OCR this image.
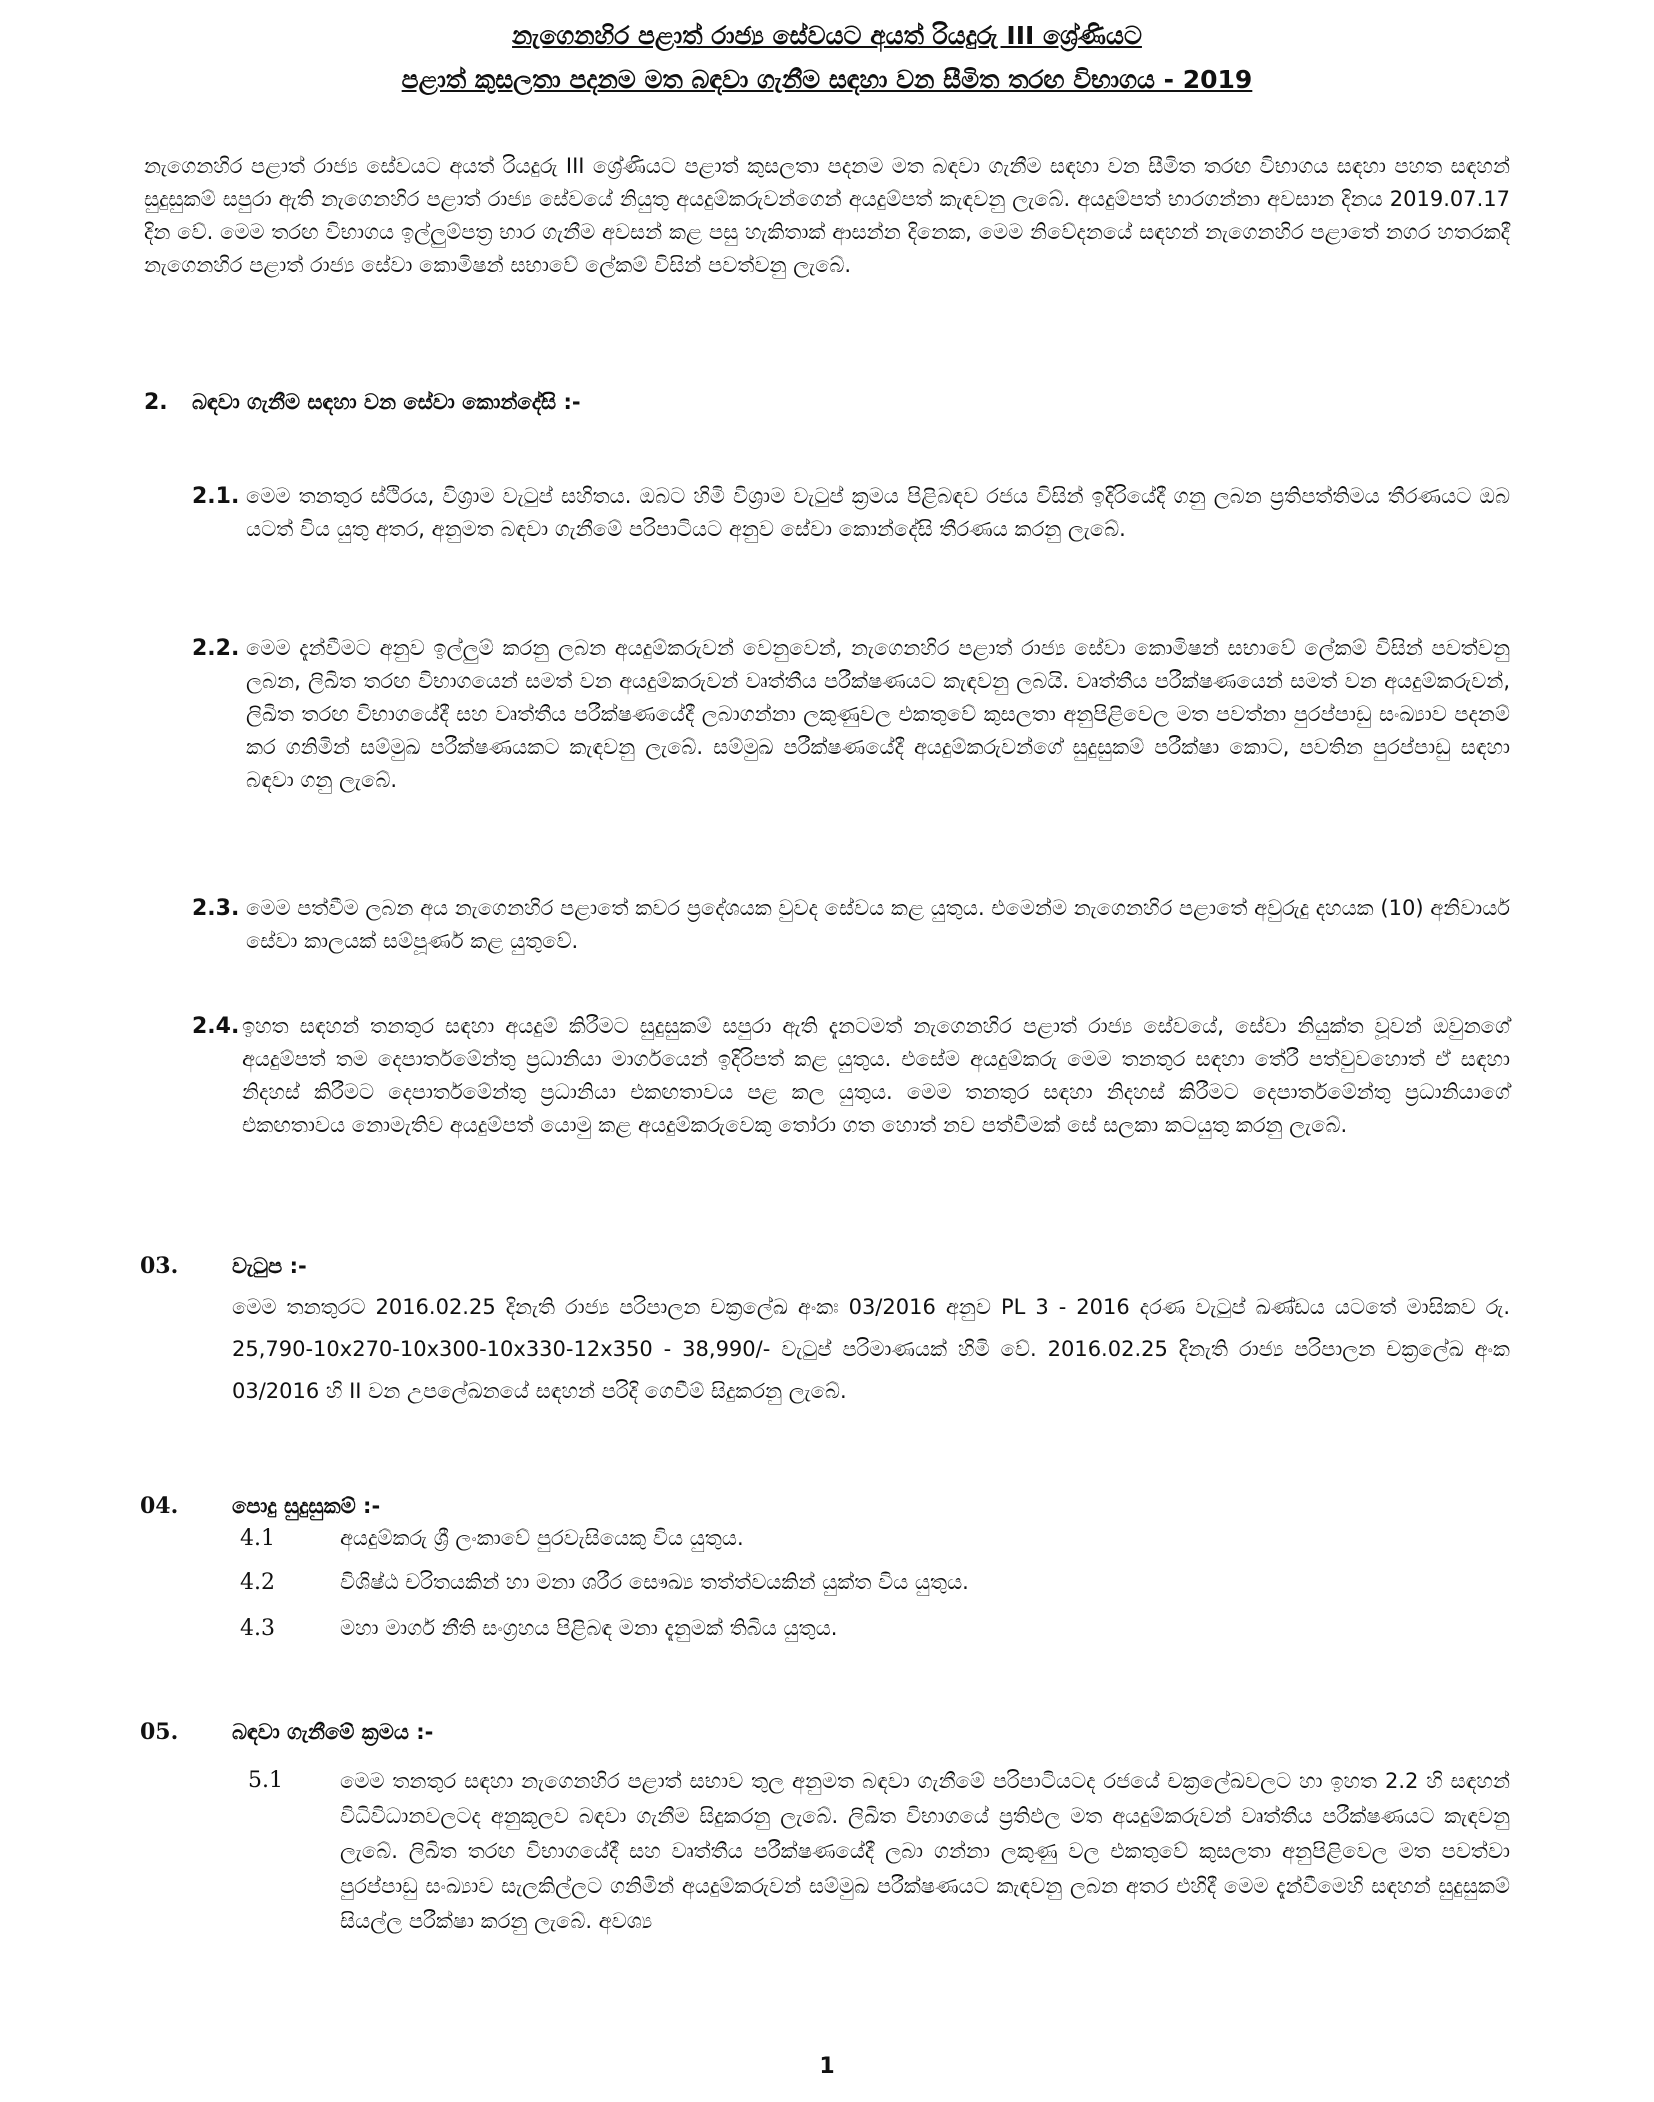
නැගෙනහිර පළාත් රාජ්‍ය සේවයට අයත් රියදුරු III ශ්‍රේණියට
පළාත් කුසලතා පදනම මත බඳවා ගැනීම සඳහා වන සීමිත තරඟ විභාගය - 2019
නැගෙනහිර පළාත් රාජ්‍ය සේවයට අයත් රියදුරු III ශ්‍රේණියට පළාත් කුසලතා පදනම මත බඳවා ගැනීම සඳහා වන සීමිත තරඟ විභාගය සඳහා පහත සඳහන් සුදුසුකම් සපුරා ඇති නැගෙනහිර පළාත් රාජ්‍ය සේවයේ නියුතු අයදුම්කරුවන්ගෙන් අයදුම්පත් කැඳවනු ලැබේ. අයදුම්පත් භාරගන්නා අවසාන දිනය 2019.07.17 දින වේ. මෙම තරඟ විභාගය ඉල්ලුම්පත්‍ර භාර ගැනීම අවසන් කළ පසු හැකිතාක් ආසන්න දිනෙක, මෙම නිවේදනයේ සඳහන් නැගෙනහිර පළාතේ නගර හතරකදී නැගෙනහිර පළාත් රාජ්‍ය සේවා කොමිෂන් සභාවේ ලේකම් විසින් පවත්වනු ලැබේ.
2. බඳවා ගැනීම සඳහා වන සේවා කොන්දේසි :-
2.1. මෙම තනතුර ස්ථිරය, විශ්‍රාම වැටුප් සහිතය. ඔබට හිමි විශ්‍රාම වැටුප් ක්‍රමය පිළිබඳව රජය විසින් ඉදිරියේදී ගනු ලබන ප්‍රතිපත්තිමය තීරණයට ඔබ යටත් විය යුතු අතර, අනුමත බඳවා ගැනීමේ පරිපාටියට අනුව සේවා කොන්දේසි තීරණය කරනු ලැබේ.
2.2. මෙම දැන්වීමට අනුව ඉල්ලුම් කරනු ලබන අයදුම්කරුවන් වෙනුවෙන්, නැගෙනහිර පළාත් රාජ්‍ය සේවා කොමිෂන් සභාවේ ලේකම් විසින් පවත්වනු ලබන, ලිඛිත තරඟ විභාගයෙන් සමත් වන අයදුම්කරුවන් වෘත්තීය පරීක්ෂණයට කැඳවනු ලබයි. වෘත්තීය පරීක්ෂණයෙන් සමත් වන අයදුම්කරුවන්, ලිඛිත තරඟ විභාගයේදී සහ වෘත්තීය පරීක්ෂණයේදී ලබාගන්නා ලකුණුවල එකතුවේ කුසලතා අනුපිළිවෙල මත පවත්නා පුරප්පාඩු සංඛ්‍යාව පදනම් කර ගනිමින් සම්මුඛ පරීක්ෂණයකට කැඳවනු ලැබේ. සම්මුඛ පරීක්ෂණයේදී අයදුම්කරුවන්ගේ සුදුසුකම් පරීක්ෂා කොට, පවතින පුරප්පාඩු සඳහා බඳවා ගනු ලැබේ.
2.3. මෙම පත්වීම ලබන අය නැගෙනහිර පළාතේ කවර ප්‍රදේශයක වුවද සේවය කළ යුතුය. එමෙන්ම නැගෙනහිර පළාතේ අවුරුදු දහයක (10) අනිවාර්ය සේවා කාලයක් සම්පූර්ණ කළ යුතුවේ.
2.4. ඉහත සඳහන් තනතුර සඳහා අයදුම් කිරීමට සුදුසුකම් සපුරා ඇති දැනටමත් නැගෙනහිර පළාත් රාජ්‍ය සේවයේ, සේවා නියුක්ත වූවන් ඔවුනගේ අයදුම්පත් තම දෙපාර්තමේන්තු ප්‍රධානියා මාර්ගයෙන් ඉදිරිපත් කළ යුතුය. එසේම අයදුම්කරු මෙම තනතුර සඳහා තේරී පත්වුවහොත් ඒ සඳහා නිදහස් කිරීමට දෙපාර්තමේන්තු ප්‍රධානියා එකඟතාවය පළ කල යුතුය. මෙම තනතුර සඳහා නිදහස් කිරීමට දෙපාර්තමේන්තු ප්‍රධානියාගේ එකඟතාවය නොමැතිව අයදුම්පත් යොමු කළ අයදුම්කරුවෙකු තෝරා ගත හොත් නව පත්වීමක් සේ සලකා කටයුතු කරනු ලැබේ.
03.	වැටුප :-
මෙම තනතුරට 2016.02.25 දිනැති රාජ්‍ය පරිපාලන චක්‍රලේඛ අංකඃ 03/2016 අනුව PL 3 - 2016 දරණ වැටුප් ඛණ්ඩය යටතේ මාසිකව රු. 25,790-10x270-10x300-10x330-12x350 - 38,990/- වැටුප් පරිමාණයක් හිමි වේ. 2016.02.25 දිනැති රාජ්‍ය පරිපාලන චක්‍රලේඛ අංක 03/2016 හි II වන උපලේඛනයේ සඳහන් පරිදි ගෙවීම් සිදුකරනු ලැබේ.
04.	පොදු සුදුසුකම් :-
4.1	අයදුම්කරු ශ්‍රී ලංකාවේ පුරවැසියෙකු විය යුතුය.
4.2	විශිෂ්ඨ චරිතයකින් හා මනා ශරීර සෞඛ්‍ය තත්ත්වයකින් යුක්ත විය යුතුය.
4.3	මහා මාර්ග නීති සංග්‍රහය පිළිබඳ මනා දැනුමක් තිබිය යුතුය.
05.	බඳවා ගැනීමේ ක්‍රමය :-
5.1	මෙම තනතුර සඳහා නැගෙනහිර පළාත් සභාව තුල අනුමත බඳවා ගැනීමේ පරිපාටියටද රජයේ චක්‍රලේඛවලට හා ඉහත 2.2 හි සඳහන් විධිවිධානවලටද අනුකූලව බඳවා ගැනීම සිදුකරනු ලැබේ. ලිඛිත විභාගයේ ප්‍රතිඵල මත අයදුම්කරුවන් වෘත්තීය පරීක්ෂණයට කැඳවනු ලැබේ. ලිඛිත තරඟ විභාගයේදී සහ වෘත්තීය පරීක්ෂණයේදී ලබා ගන්නා ලකුණු වල එකතුවේ කුසලතා අනුපිළිවෙල මත පවත්වා පුරප්පාඩු සංඛ්‍යාව සැලකිල්ලට ගනිමින් අයදුම්කරුවන් සම්මුඛ පරීක්ෂණයට කැඳවනු ලබන අතර එහිදී මෙම දැන්වීමෙහි සඳහන් සුදුසුකම් සියල්ල පරීක්ෂා කරනු ලැබේ. අවශ්‍ය
1
